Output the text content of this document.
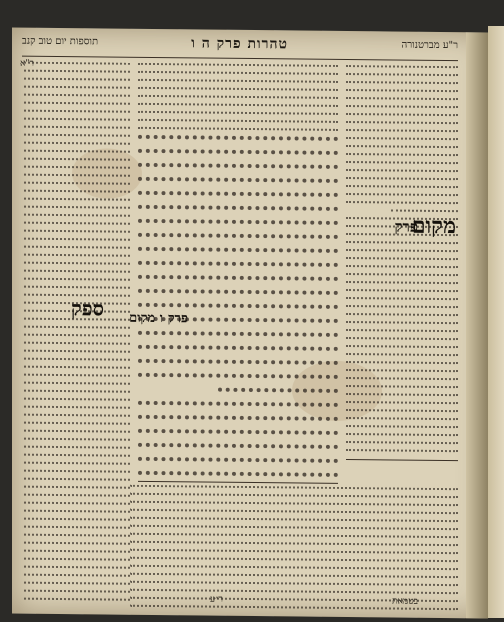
ר"ע מברטנורה
טהרות פרק ה ו
תוספות יום טוב קנב
ר"א
פרק
מקום
פרק ו מקום
ספק
בטמאת
ר״ע
